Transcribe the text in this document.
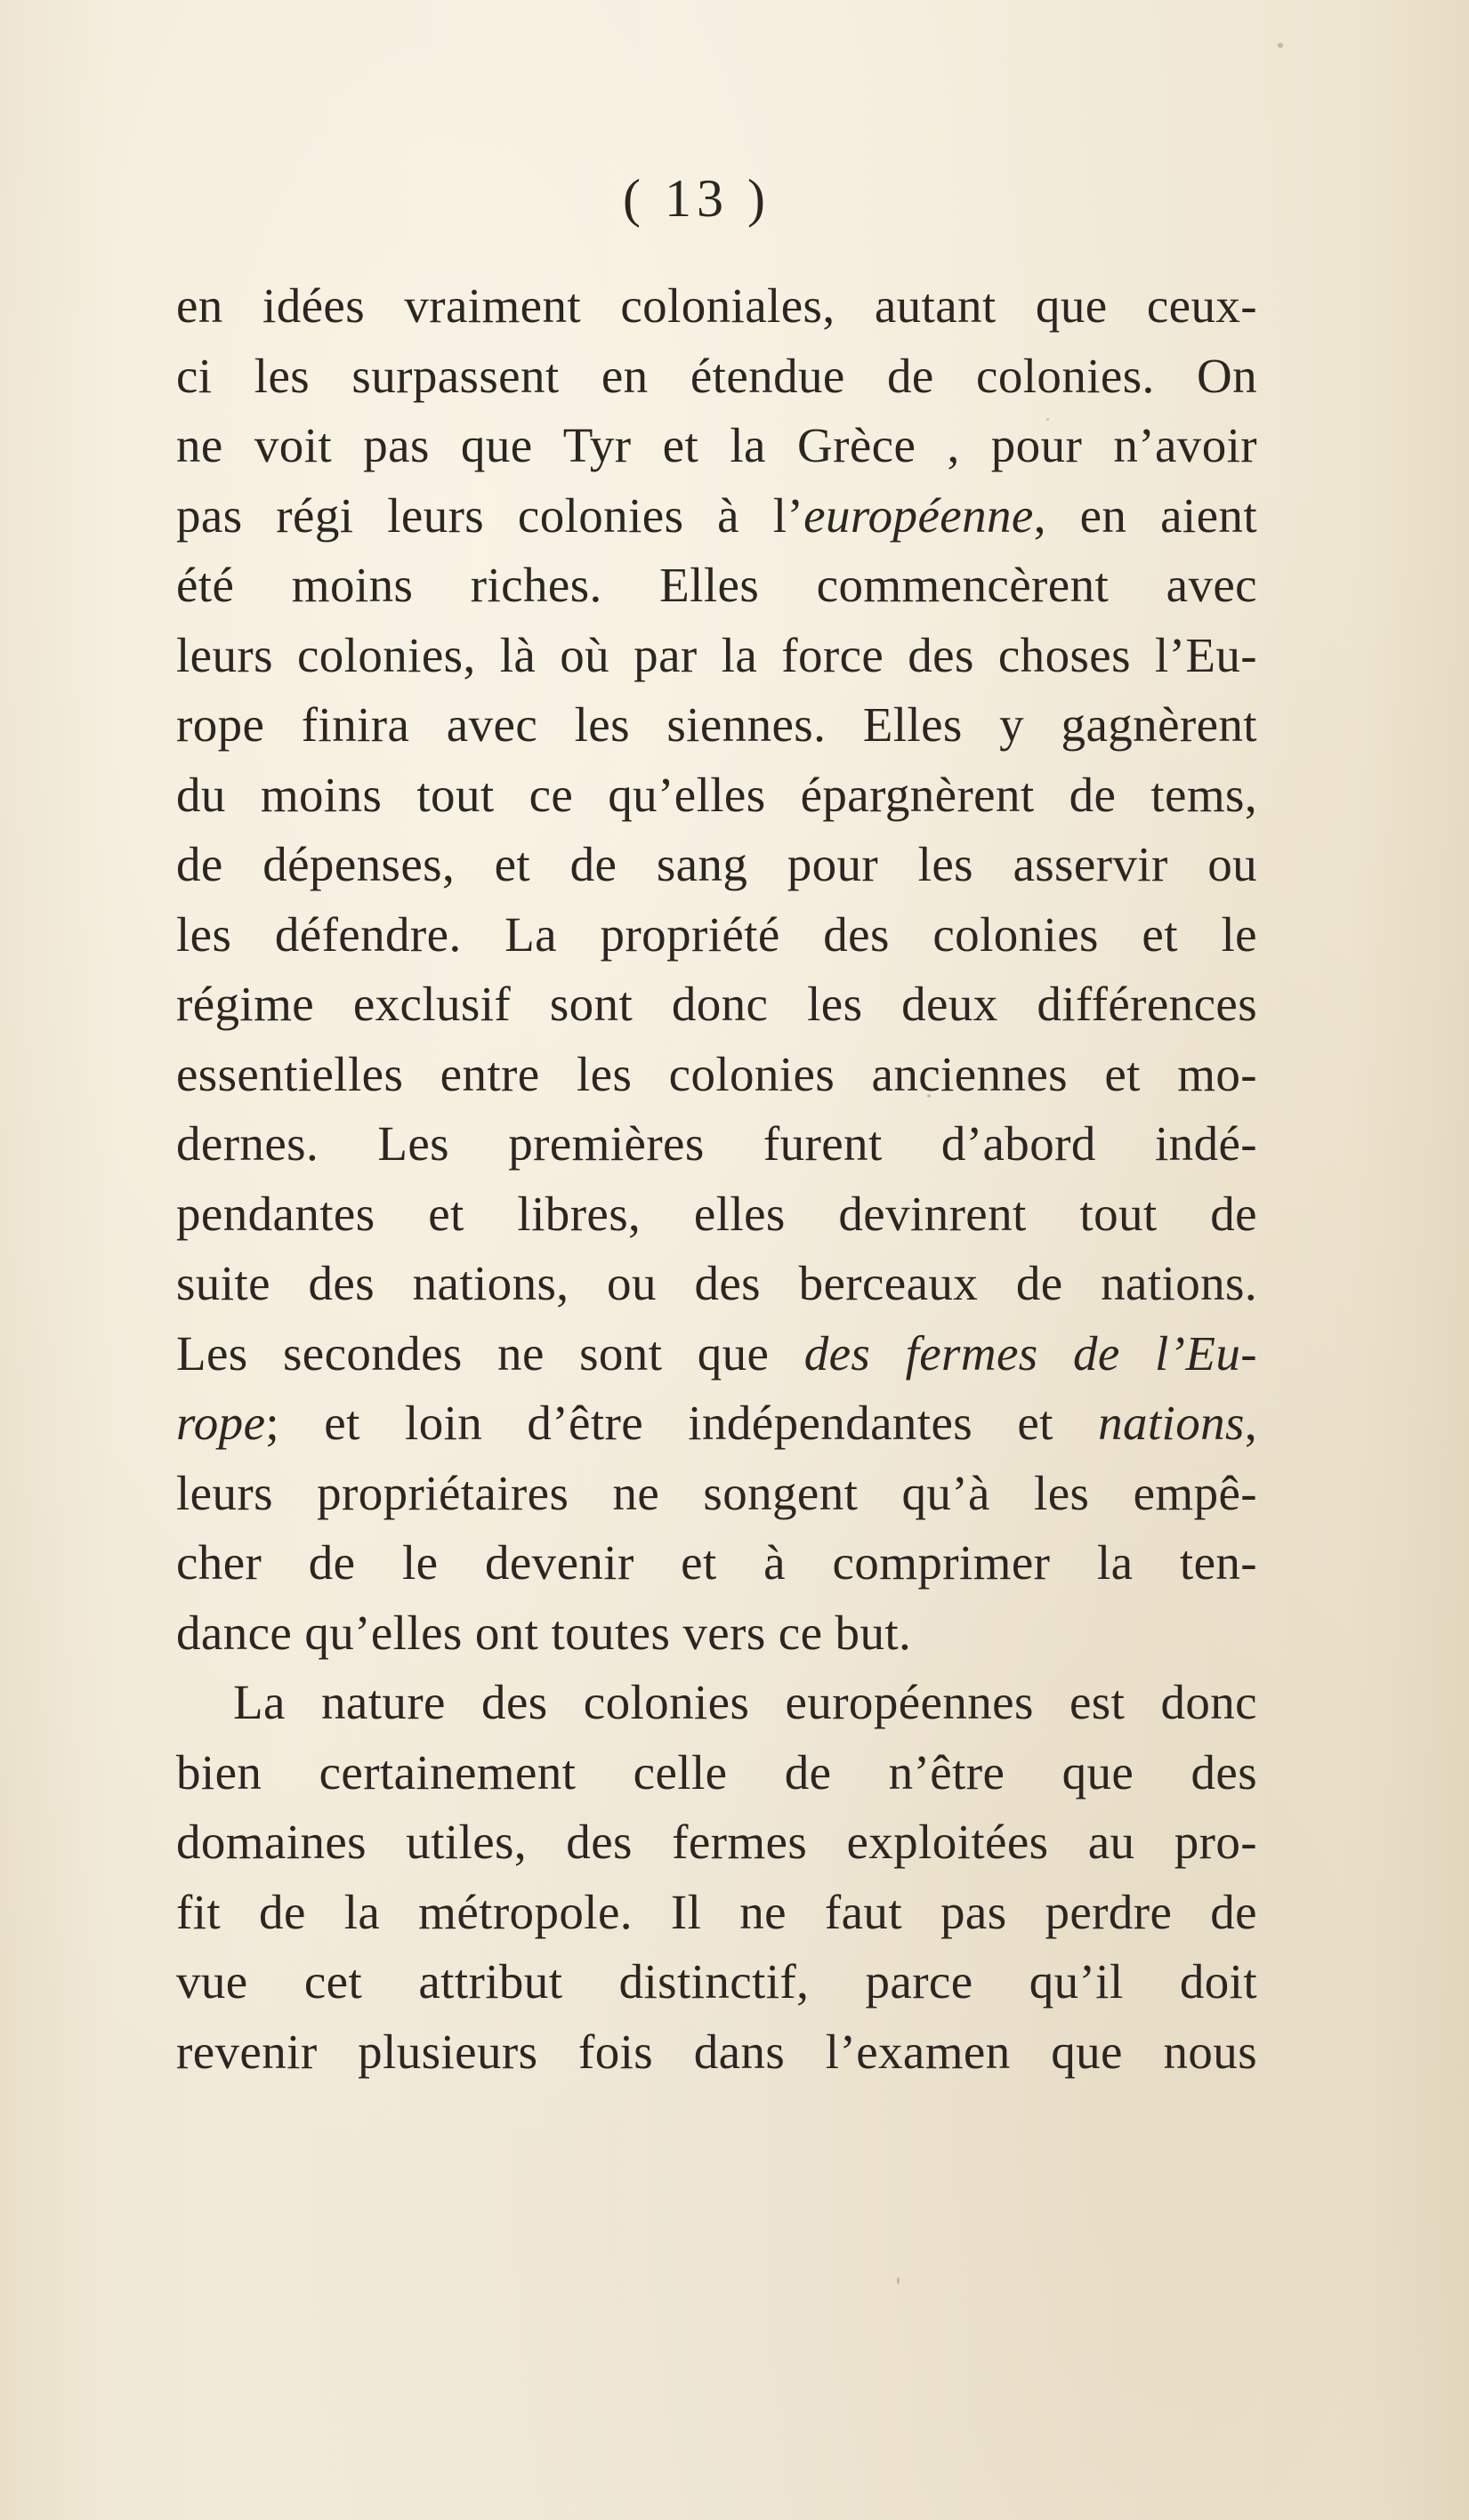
( 13 )
en idées vraiment coloniales, autant que ceux-
ci les surpassent en étendue de colonies. On
ne voit pas que Tyr et la Grèce , pour n’avoir
pas régi leurs colonies à l’européenne, en aient
été moins riches. Elles commencèrent avec
leurs colonies, là où par la force des choses l’Eu-
rope finira avec les siennes. Elles y gagnèrent
du moins tout ce qu’elles épargnèrent de tems,
de dépenses, et de sang pour les asservir ou
les défendre. La propriété des colonies et le
régime exclusif sont donc les deux différences
essentielles entre les colonies anciennes et mo-
dernes. Les premières furent d’abord indé-
pendantes et libres, elles devinrent tout de
suite des nations, ou des berceaux de nations.
Les secondes ne sont que des fermes de l’Eu-
rope; et loin d’être indépendantes et nations,
leurs propriétaires ne songent qu’à les empê-
cher de le devenir et à comprimer la ten-
dance qu’elles ont toutes vers ce but.
La nature des colonies européennes est donc
bien certainement celle de n’être que des
domaines utiles, des fermes exploitées au pro-
fit de la métropole. Il ne faut pas perdre de
vue cet attribut distinctif, parce qu’il doit
revenir plusieurs fois dans l’examen que nous
